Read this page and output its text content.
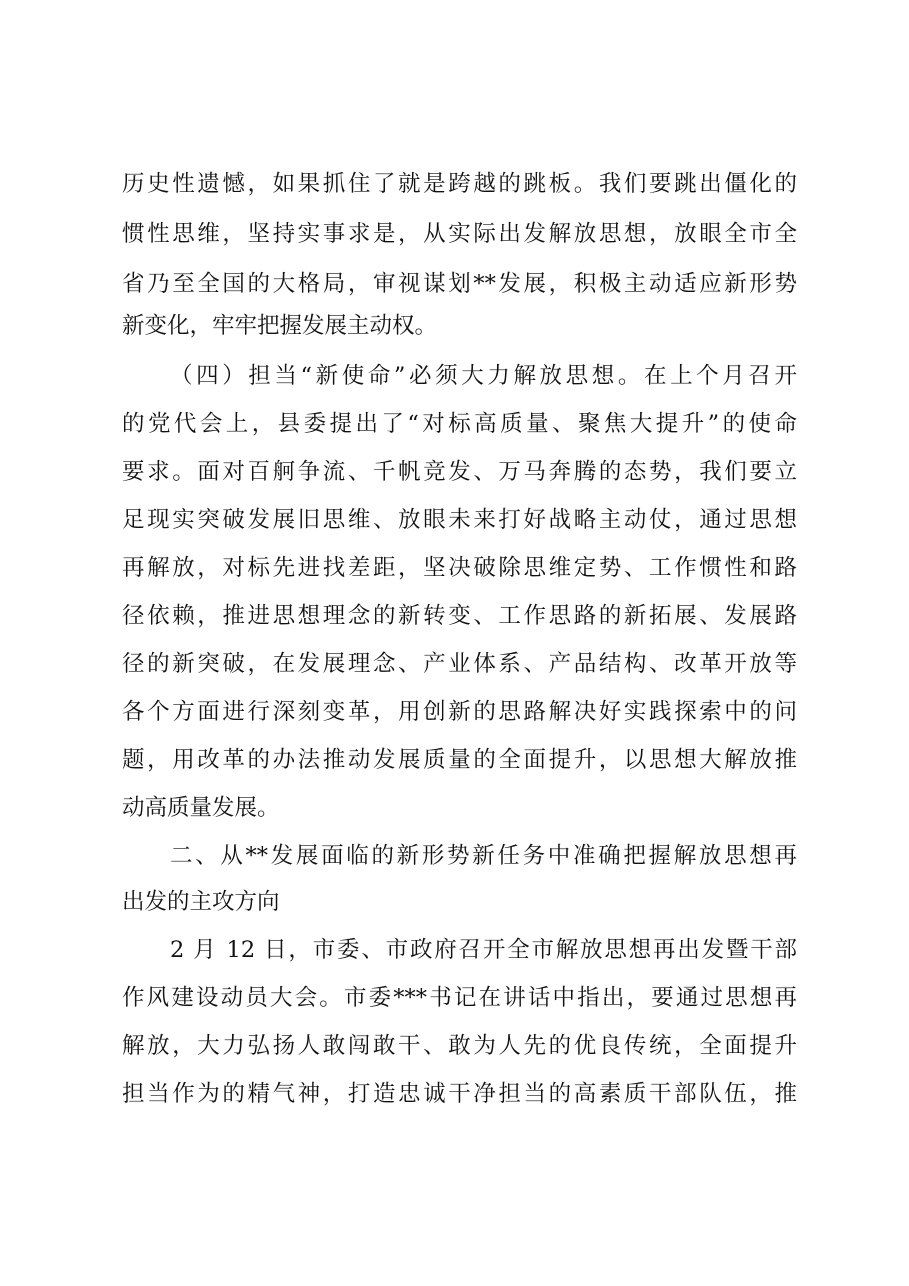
历史性遗憾，如果抓住了就是跨越的跳板。我们要跳出僵化的
惯性思维，坚持实事求是，从实际出发解放思想，放眼全市全
省乃至全国的大格局，审视谋划**发展，积极主动适应新形势
新变化，牢牢把握发展主动权。
（四）担当“新使命”必须大力解放思想。在上个月召开
的党代会上，县委提出了“对标高质量、聚焦大提升”的使命
要求。面对百舸争流、千帆竞发、万马奔腾的态势，我们要立
足现实突破发展旧思维、放眼未来打好战略主动仗，通过思想
再解放，对标先进找差距，坚决破除思维定势、工作惯性和路
径依赖，推进思想理念的新转变、工作思路的新拓展、发展路
径的新突破，在发展理念、产业体系、产品结构、改革开放等
各个方面进行深刻变革，用创新的思路解决好实践探索中的问
题，用改革的办法推动发展质量的全面提升，以思想大解放推
动高质量发展。
二、从**发展面临的新形势新任务中准确把握解放思想再
出发的主攻方向
2 月 12 日，市委、市政府召开全市解放思想再出发暨干部
作风建设动员大会。市委***书记在讲话中指出，要通过思想再
解放，大力弘扬人敢闯敢干、敢为人先的优良传统，全面提升
担当作为的精气神，打造忠诚干净担当的高素质干部队伍，推
